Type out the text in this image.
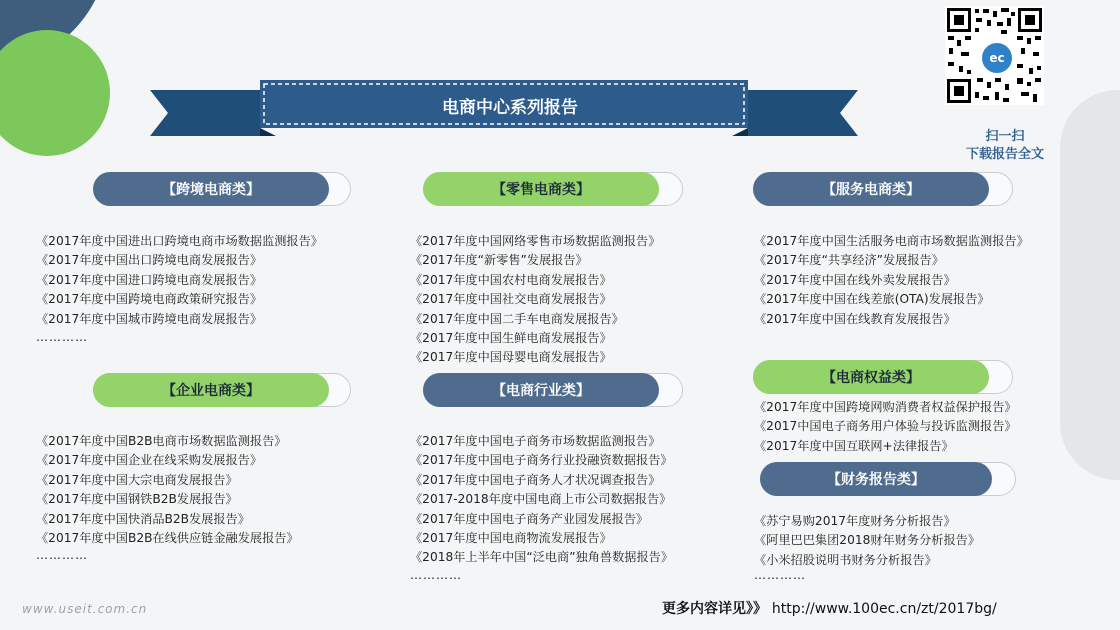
电商中心系列报告
ec
扫一扫
下载报告全文
【跨境电商类】
《2017年度中国进出口跨境电商市场数据监测报告》
《2017年度中国出口跨境电商发展报告》
《2017年度中国进口跨境电商发展报告》
《2017年度中国跨境电商政策研究报告》
《2017年度中国城市跨境电商发展报告》
…………
【企业电商类】
《2017年度中国B2B电商市场数据监测报告》
《2017年度中国企业在线采购发展报告》
《2017年度中国大宗电商发展报告》
《2017年度中国钢铁B2B发展报告》
《2017年度中国快消品B2B发展报告》
《2017年度中国B2B在线供应链金融发展报告》
…………
【零售电商类】
《2017年度中国网络零售市场数据监测报告》
《2017年度“新零售”发展报告》
《2017年度中国农村电商发展报告》
《2017年度中国社交电商发展报告》
《2017年度中国二手车电商发展报告》
《2017年度中国生鲜电商发展报告》
《2017年度中国母婴电商发展报告》
【电商行业类】
《2017年度中国电子商务市场数据监测报告》
《2017年度中国电子商务行业投融资数据报告》
《2017年度中国电子商务人才状况调查报告》
《2017-2018年度中国电商上市公司数据报告》
《2017年度中国电子商务产业园发展报告》
《2017年度中国电商物流发展报告》
《2018年上半年中国“泛电商”独角兽数据报告》
…………
【服务电商类】
《2017年度中国生活服务电商市场数据监测报告》
《2017年度“共享经济”发展报告》
《2017年度中国在线外卖发展报告》
《2017年度中国在线差旅(OTA)发展报告》
《2017年度中国在线教育发展报告》
【电商权益类】
《2017年度中国跨境网购消费者权益保护报告》
《2017中国电子商务用户体验与投诉监测报告》
《2017年度中国互联网+法律报告》
【财务报告类】
《苏宁易购2017年度财务分析报告》
《阿里巴巴集团2018财年财务分析报告》
《小米招股说明书财务分析报告》
…………
www.useit.com.cn	更多内容详见》》 http://www.100ec.cn/zt/2017bg/
